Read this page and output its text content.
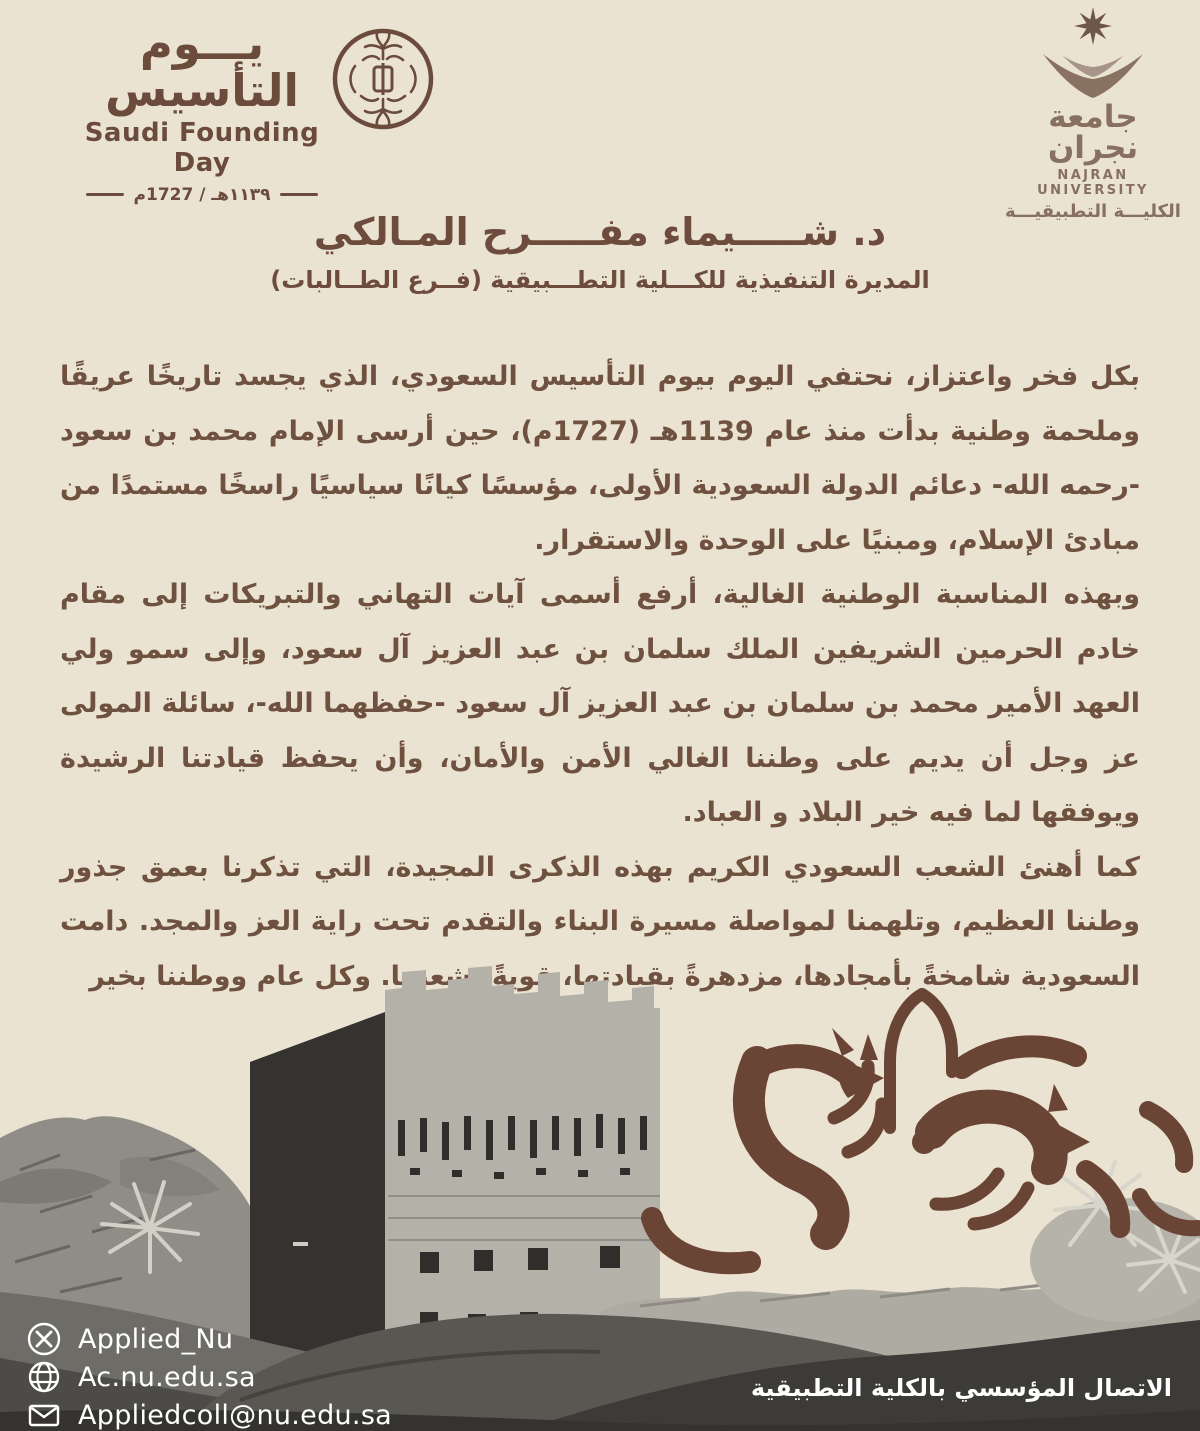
يـــوم التأسيس
Saudi Founding Day
١١٣٩هـ / 1727م
جامعة نجران
NAJRAN UNIVERSITY
الكليـــة التطبيقيـــة
د. شـــــيماء مفـــــرح المـالكي
المديرة التنفيذية للكـــلية التطـــبيقية (فــرع الطــالبات)

بكل فخر واعتزاز، نحتفي اليوم بيوم التأسيس السعودي، الذي يجسد تاريخًا عريقًا وملحمة وطنية بدأت منذ عام 1139هـ (1727م)، حين أرسى الإمام محمد بن سعود -رحمه الله- دعائم الدولة السعودية الأولى، مؤسسًا كيانًا سياسيًا راسخًا مستمدًا من مبادئ الإسلام، ومبنيًا على الوحدة والاستقرار.

وبهذه المناسبة الوطنية الغالية، أرفع أسمى آيات التهاني والتبريكات إلى مقام خادم الحرمين الشريفين الملك سلمان بن عبد العزيز آل سعود، وإلى سمو ولي العهد الأمير محمد بن سلمان بن عبد العزيز آل سعود -حفظهما الله-، سائلة المولى عز وجل أن يديم على وطننا الغالي الأمن والأمان، وأن يحفظ قيادتنا الرشيدة ويوفقها لما فيه خير البلاد و العباد.

كما أهنئ الشعب السعودي الكريم بهذه الذكرى المجيدة، التي تذكرنا بعمق جذور وطننا العظيم، وتلهمنا لمواصلة مسيرة البناء والتقدم تحت راية العز والمجد. دامت السعودية شامخةً بأمجادها، مزدهرةً بقيادتها، قويةً بشعبها. وكل عام ووطننا بخير

Applied_Nu
Ac.nu.edu.sa
Appliedcoll@nu.edu.sa
الاتصال المؤسسي بالكلية التطبيقية
